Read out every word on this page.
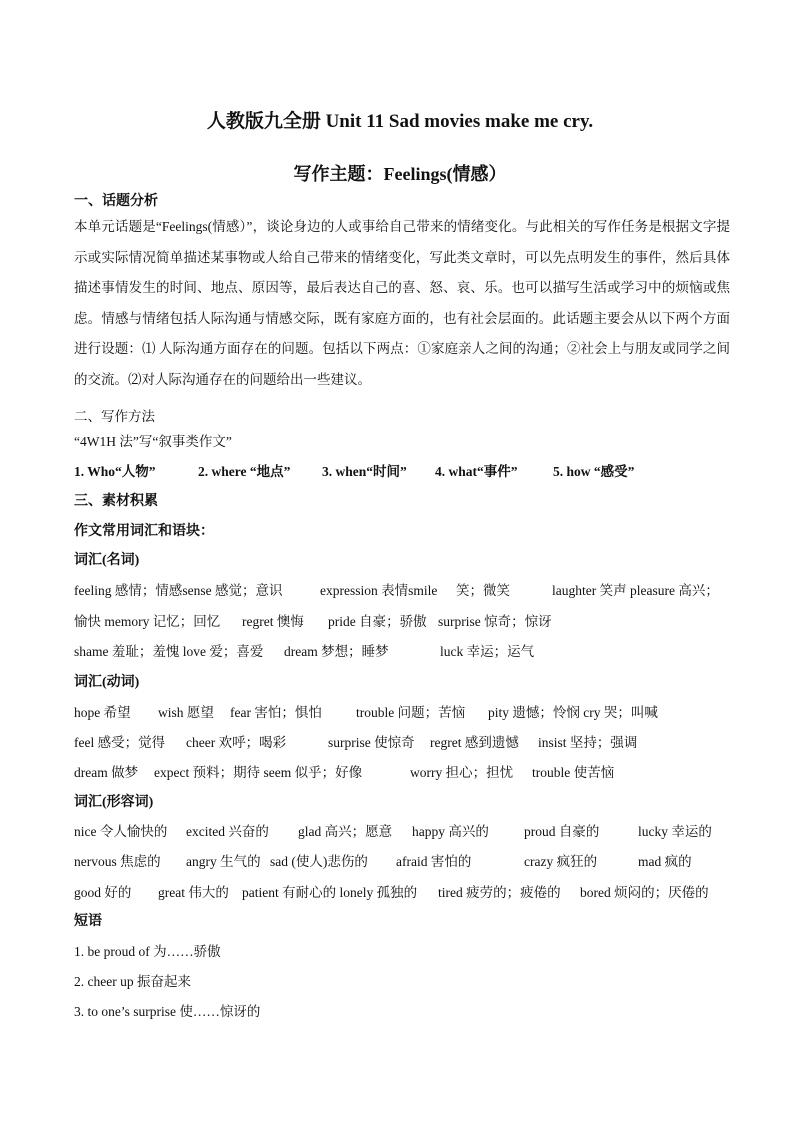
人教版九全册 Unit 11 Sad movies make me cry.
写作主题：Feelings(情感）
一、话题分析
本单元话题是“Feelings(情感）”，谈论身边的人或事给自己带来的情绪变化。与此相关的写作任务是根据文字提示或实际情况简单描述某事物或人给自己带来的情绪变化，写此类文章时，可以先点明发生的事件，然后具体描述事情发生的时间、地点、原因等，最后表达自己的喜、怒、哀、乐。也可以描写生活或学习中的烦恼或焦虑。情感与情绪包括人际沟通与情感交际，既有家庭方面的，也有社会层面的。此话题主要会从以下两个方面进行设题：⑴ 人际沟通方面存在的问题。包括以下两点：①家庭亲人之间的沟通；②社会上与朋友或同学之间的交流。⑵对人际沟通存在的问题给出一些建议。
二、写作方法
“4W1H 法”写“叙事类作文”
1. Who“人物”	2. where “地点”	3. when“时间”	4. what“事件”	5. how “感受”
三、素材积累
作文常用词汇和语块：
词汇(名词)
feeling 感情；情感sense 感觉；意识	expression 表情smile	笑；微笑	laughter 笑声 pleasure 高兴；
愉快 memory 记忆；回忆	regret 懊悔	pride 自豪；骄傲 surprise 惊奇；惊讶
shame 羞耻；羞愧 love 爱；喜爱	dream 梦想；睡梦	luck 幸运；运气
词汇(动词)
hope 希望	wish 愿望	fear 害怕；惧怕	trouble 问题；苦恼	pity 遗憾；怜悯 cry 哭；叫喊
feel 感受；觉得	cheer 欢呼；喝彩	surprise 使惊奇	regret 感到遗憾	insist 坚持；强调
dream 做梦	expect 预料；期待 seem 似乎；好像	worry 担心；担忧	trouble 使苦恼
词汇(形容词)
nice 令人愉快的	excited 兴奋的	glad 高兴；愿意	happy 高兴的	proud 自豪的	lucky 幸运的
nervous 焦虑的	angry 生气的 sad (使人)悲伤的	afraid 害怕的	crazy 疯狂的	mad 疯的
good 好的	great 伟大的 patient 有耐心的 lonely 孤独的	tired 疲劳的；疲倦的	bored 烦闷的；厌倦的
短语
1. be proud of 为……骄傲
2. cheer up 振奋起来
3. to one’s surprise 使……惊讶的
